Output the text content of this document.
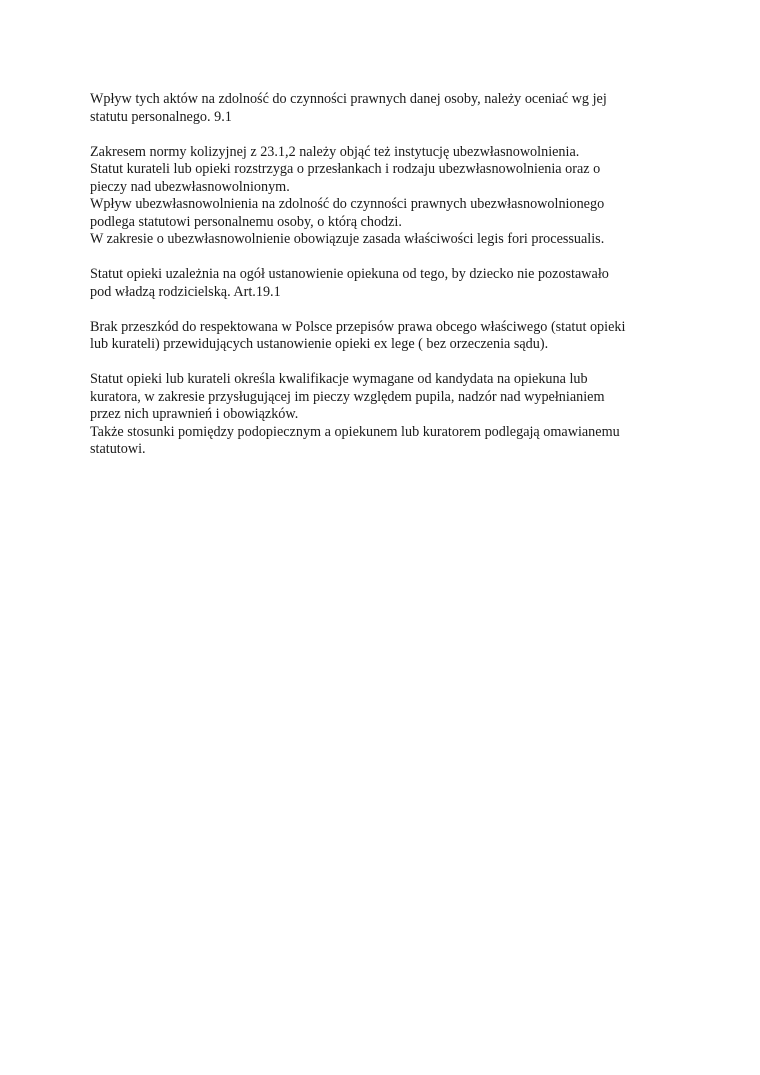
Wpływ tych aktów na zdolność do czynności prawnych danej osoby, należy oceniać wg jej
statutu personalnego. 9.1

Zakresem normy kolizyjnej z 23.1,2 należy objąć też instytucję ubezwłasnowolnienia.
Statut kurateli lub opieki rozstrzyga o przesłankach i rodzaju ubezwłasnowolnienia oraz o
pieczy nad ubezwłasnowolnionym.
Wpływ ubezwłasnowolnienia na zdolność do czynności prawnych ubezwłasnowolnionego
podlega statutowi personalnemu osoby, o którą chodzi.
W zakresie o ubezwłasnowolnienie obowiązuje zasada właściwości legis fori processualis.

Statut opieki uzależnia na ogół ustanowienie opiekuna od tego, by dziecko nie pozostawało
pod władzą rodzicielską. Art.19.1

Brak przeszkód do respektowana w Polsce przepisów prawa obcego właściwego (statut opieki
lub kurateli) przewidujących ustanowienie opieki ex lege ( bez orzeczenia sądu).

Statut opieki lub kurateli określa kwalifikacje wymagane od kandydata na opiekuna lub
kuratora, w zakresie przysługującej im pieczy względem pupila, nadzór nad wypełnianiem
przez nich uprawnień i obowiązków.
Także stosunki pomiędzy podopiecznym a opiekunem lub kuratorem podlegają omawianemu
statutowi.
